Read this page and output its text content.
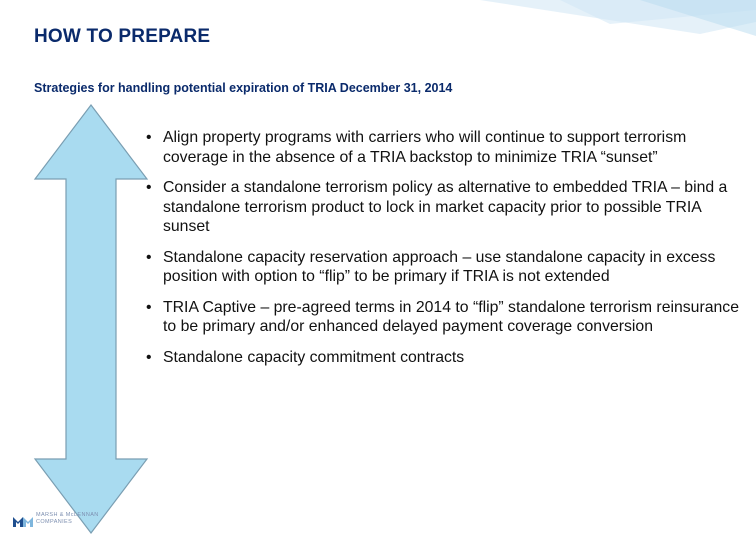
HOW TO PREPARE
Strategies for handling potential expiration of TRIA December 31, 2014
• Align property programs with carriers who will continue to support terrorism coverage in the absence of a TRIA backstop to minimize TRIA “sunset”
• Consider a standalone terrorism policy as alternative to embedded TRIA – bind a standalone terrorism product to lock in market capacity prior to possible TRIA sunset
• Standalone capacity reservation approach – use standalone capacity in excess position with option to “flip” to be primary if TRIA is not extended
• TRIA Captive – pre-agreed terms in 2014 to “flip” standalone terrorism reinsurance to be primary and/or enhanced delayed payment coverage conversion
• Standalone capacity commitment contracts
MARSH & McLENNAN
COMPANIES
